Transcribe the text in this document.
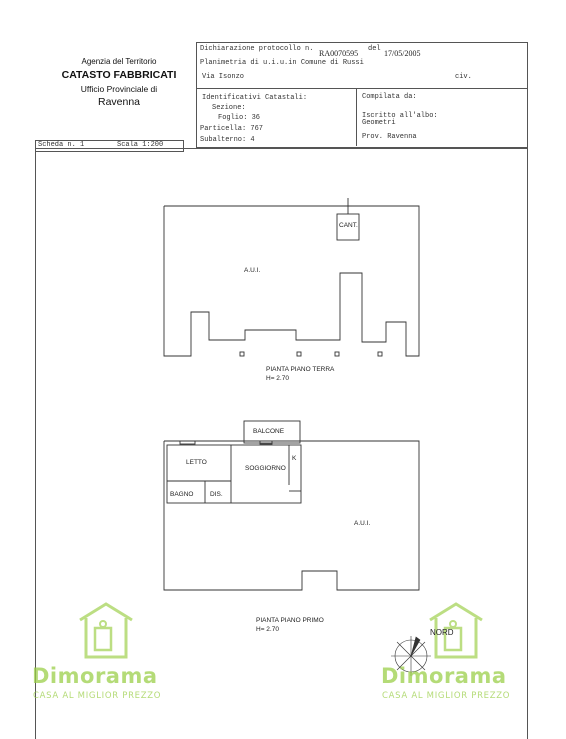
Agenzia del Territorio
CATASTO FABBRICATI
Ufficio Provinciale di
Ravenna
Dichiarazione protocollo n. RA0070595 del 17/05/2005
Planimetria di u.i.u.in Comune di Russi
Via Isonzo	civ.
Identificativi Catastali:
Sezione:
Foglio: 36
Particella: 767
Subalterno: 4
Compilata da:
Iscritto all'albo:
Geometri
Prov. Ravenna
Scheda n. 1	Scala 1:200
CANT.
A.U.I.
PIANTA PIANO TERRA
H= 2.70
BALCONE
LETTO
SOGGIORNO
K
BAGNO	DIS.
A.U.I.
PIANTA PIANO PRIMO
H= 2.70	NORD
Dimorama
CASA AL MIGLIOR PREZZO
Dimorama
CASA AL MIGLIOR PREZZO
